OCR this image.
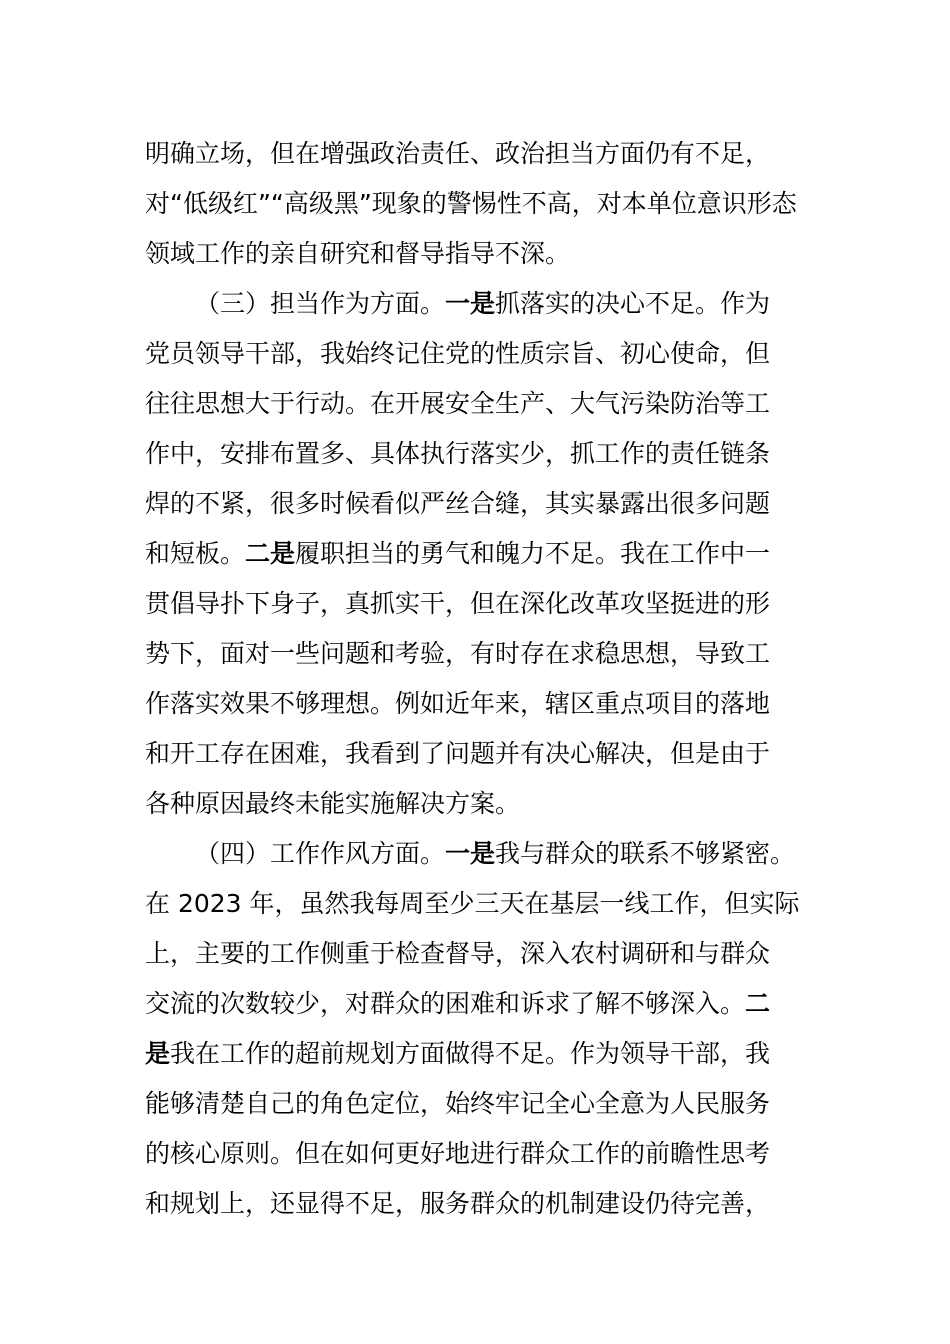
明确立场，但在增强政治责任、政治担当方面仍有不足，
对“低级红”“高级黑”现象的警惕性不高，对本单位意识形态
领域工作的亲自研究和督导指导不深。
（三）担当作为方面。一是抓落实的决心不足。作为
党员领导干部，我始终记住党的性质宗旨、初心使命，但
往往思想大于行动。在开展安全生产、大气污染防治等工
作中，安排布置多、具体执行落实少，抓工作的责任链条
焊的不紧，很多时候看似严丝合缝，其实暴露出很多问题
和短板。二是履职担当的勇气和魄力不足。我在工作中一
贯倡导扑下身子，真抓实干，但在深化改革攻坚挺进的形
势下，面对一些问题和考验，有时存在求稳思想，导致工
作落实效果不够理想。例如近年来，辖区重点项目的落地
和开工存在困难，我看到了问题并有决心解决，但是由于
各种原因最终未能实施解决方案。
（四）工作作风方面。一是我与群众的联系不够紧密。
在 2023 年，虽然我每周至少三天在基层一线工作，但实际
上，主要的工作侧重于检查督导，深入农村调研和与群众
交流的次数较少，对群众的困难和诉求了解不够深入。二
是我在工作的超前规划方面做得不足。作为领导干部，我
能够清楚自己的角色定位，始终牢记全心全意为人民服务
的核心原则。但在如何更好地进行群众工作的前瞻性思考
和规划上，还显得不足，服务群众的机制建设仍待完善，
